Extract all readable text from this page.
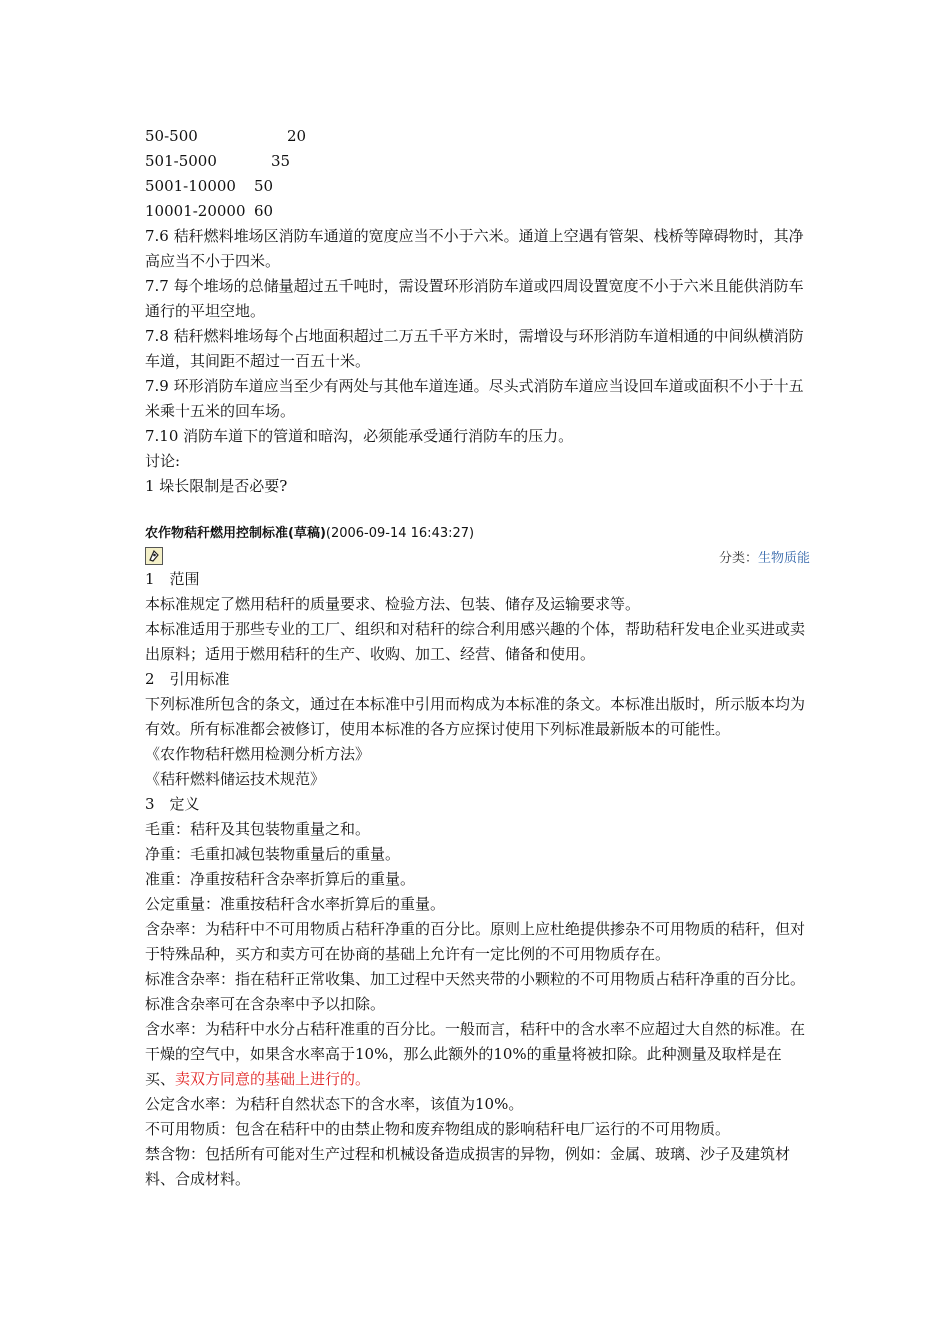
50-500	20
501-5000	35
5001-10000	50
10001-20000 60
7.6 秸秆燃料堆场区消防车通道的宽度应当不小于六米。通道上空遇有管架、栈桥等障碍物时，其净高应当不小于四米。
7.7 每个堆场的总储量超过五千吨时，需设置环形消防车道或四周设置宽度不小于六米且能供消防车通行的平坦空地。
7.8 秸秆燃料堆场每个占地面积超过二万五千平方米时，需增设与环形消防车道相通的中间纵横消防车道，其间距不超过一百五十米。
7.9 环形消防车道应当至少有两处与其他车道连通。尽头式消防车道应当设回车道或面积不小于十五米乘十五米的回车场。
7.10 消防车道下的管道和暗沟，必须能承受通行消防车的压力。
讨论:
1 垛长限制是否必要?
农作物秸秆燃用控制标准(草稿)(2006-09-14 16:43:27)
分类：生物质能
1　范围
本标准规定了燃用秸秆的质量要求、检验方法、包装、储存及运输要求等。
本标准适用于那些专业的工厂、组织和对秸秆的综合利用感兴趣的个体，帮助秸秆发电企业买进或卖出原料；适用于燃用秸秆的生产、收购、加工、经营、储备和使用。
2　引用标准
下列标准所包含的条文，通过在本标准中引用而构成为本标准的条文。本标准出版时，所示版本均为有效。所有标准都会被修订，使用本标准的各方应探讨使用下列标准最新版本的可能性。
《农作物秸秆燃用检测分析方法》
《秸秆燃料储运技术规范》
3　定义
毛重：秸秆及其包装物重量之和。
净重：毛重扣减包装物重量后的重量。
准重：净重按秸秆含杂率折算后的重量。
公定重量：准重按秸秆含水率折算后的重量。
含杂率：为秸秆中不可用物质占秸秆净重的百分比。原则上应杜绝提供掺杂不可用物质的秸秆，但对于特殊品种，买方和卖方可在协商的基础上允许有一定比例的不可用物质存在。
标准含杂率：指在秸秆正常收集、加工过程中天然夹带的小颗粒的不可用物质占秸秆净重的百分比。标准含杂率可在含杂率中予以扣除。
含水率：为秸秆中水分占秸秆准重的百分比。一般而言，秸秆中的含水率不应超过大自然的标准。在干燥的空气中，如果含水率高于10%，那么此额外的10%的重量将被扣除。此种测量及取样是在买、卖双方同意的基础上进行的。
公定含水率：为秸秆自然状态下的含水率，该值为10%。
不可用物质：包含在秸秆中的由禁止物和废弃物组成的影响秸秆电厂运行的不可用物质。
禁含物：包括所有可能对生产过程和机械设备造成损害的异物，例如：金属、玻璃、沙子及建筑材料、合成材料。
